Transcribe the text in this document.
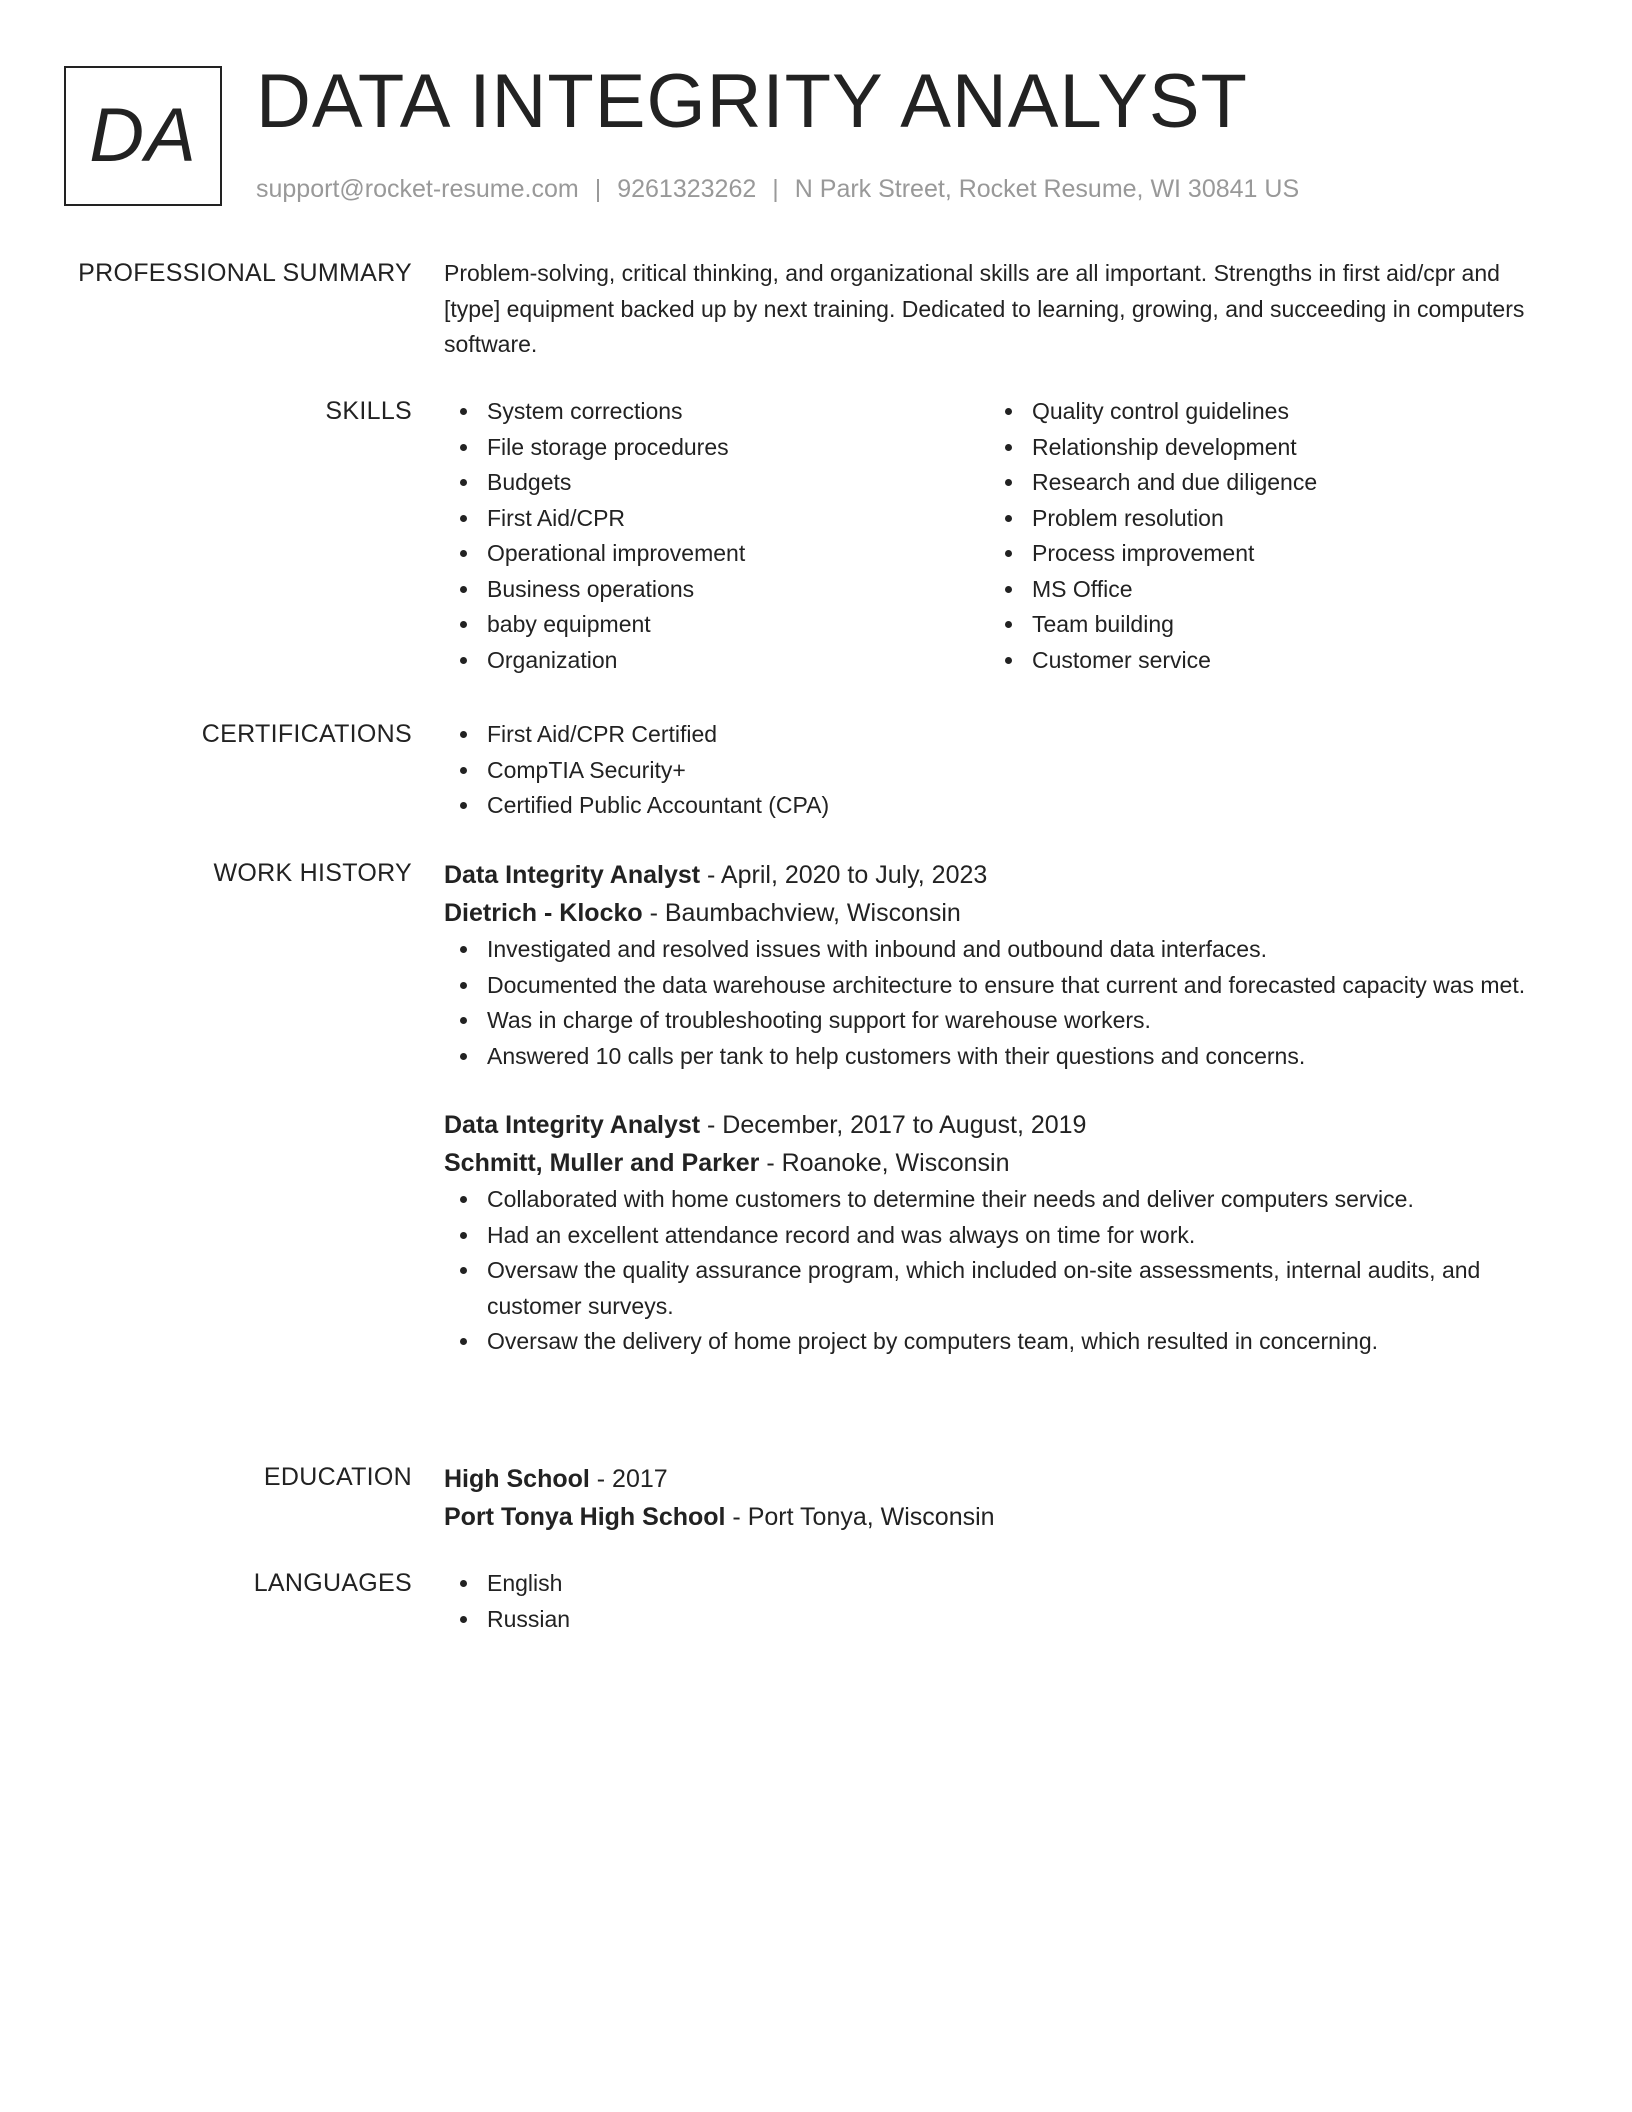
DA DATA INTEGRITY ANALYST
support@rocket-resume.com | 9261323262 | N Park Street, Rocket Resume, WI 30841 US
PROFESSIONAL SUMMARY Problem-solving, critical thinking, and organizational skills are all important. Strengths in first aid/cpr and [type] equipment backed up by next training. Dedicated to learning, growing, and succeeding in computers software.

SKILLS	System corrections
File storage procedures
Budgets
First Aid/CPR
Operational improvement
Business operations
baby equipment
Organization
Quality control guidelines
Relationship development
Research and due diligence
Problem resolution
Process improvement
MS Office
Team building
Customer service
CERTIFICATIONS	First Aid/CPR Certified
CompTIA Security+
Certified Public Accountant (CPA)
WORK HISTORY Data Integrity Analyst - April, 2020 to July, 2023
Dietrich - Klocko - Baumbachview, Wisconsin
Investigated and resolved issues with inbound and outbound data interfaces.
Documented the data warehouse architecture to ensure that current and forecasted capacity was met.
Was in charge of troubleshooting support for warehouse workers.
Answered 10 calls per tank to help customers with their questions and concerns.
Data Integrity Analyst - December, 2017 to August, 2019
Schmitt, Muller and Parker - Roanoke, Wisconsin
Collaborated with home customers to determine their needs and deliver computers service.
Had an excellent attendance record and was always on time for work.
Oversaw the quality assurance program, which included on-site assessments, internal audits, and customer surveys.
Oversaw the delivery of home project by computers team, which resulted in concerning.
EDUCATION High School - 2017
Port Tonya High School - Port Tonya, Wisconsin
LANGUAGES	English
Russian
